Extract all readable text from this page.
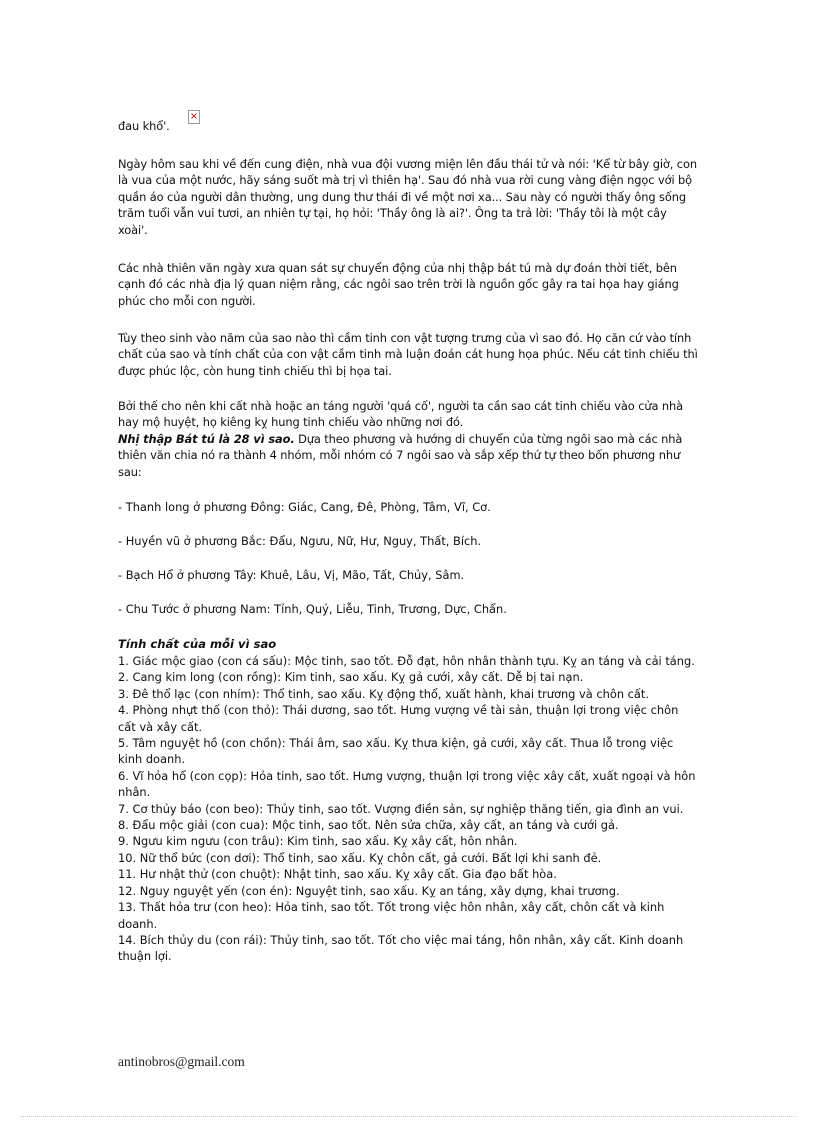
×

đau khổ'.

Ngày hôm sau khi về đến cung điện, nhà vua đội vương miện lên đầu thái tử và nói: 'Kể từ bây giờ, con là vua của một nước, hãy sáng suốt mà trị vì thiên hạ'. Sau đó nhà vua rời cung vàng điện ngọc với bộ quần áo của người dân thường, ung dung thư thái đi về một nơi xa... Sau này có người thấy ông sống trăm tuổi vẫn vui tươi, an nhiên tự tại, họ hỏi: 'Thầy ông là ai?'. Ông ta trả lời: 'Thầy tôi là một cây xoài'.

Các nhà thiên văn ngày xưa quan sát sự chuyển động của nhị thập bát tú mà dự đoán thời tiết, bên cạnh đó các nhà địa lý quan niệm rằng, các ngôi sao trên trời là nguồn gốc gây ra tai họa hay giáng phúc cho mỗi con người.

Tùy theo sinh vào năm của sao nào thì cầm tinh con vật tượng trưng của vì sao đó. Họ căn cứ vào tính chất của sao và tính chất của con vật cầm tinh mà luận đoán cát hung họa phúc. Nếu cát tinh chiếu thì được phúc lộc, còn hung tinh chiếu thì bị họa tai.

Bởi thế cho nên khi cất nhà hoặc an táng người 'quá cố', người ta cần sao cát tinh chiếu vào cửa nhà hay mộ huyệt, họ kiêng kỵ hung tinh chiếu vào những nơi đó.

Nhị thập Bát tú là 28 vì sao. Dựa theo phương và hướng di chuyển của từng ngôi sao mà các nhà thiên văn chia nó ra thành 4 nhóm, mỗi nhóm có 7 ngôi sao và sắp xếp thứ tự theo bốn phương như sau:

- Thanh long ở phương Đông: Giác, Cang, Đê, Phòng, Tâm, Vĩ, Cơ.

- Huyền vũ ở phương Bắc: Đẩu, Ngưu, Nữ, Hư, Nguy, Thất, Bích.

- Bạch Hổ ở phương Tây: Khuê, Lâu, Vị, Mão, Tất, Chủy, Sâm.

- Chu Tước ở phương Nam: Tỉnh, Quỷ, Liễu, Tinh, Trương, Dực, Chẩn.

Tính chất của mỗi vì sao

1. Giác mộc giao (con cá sấu): Mộc tinh, sao tốt. Đỗ đạt, hôn nhân thành tựu. Kỵ an táng và cải táng.

2. Cang kim long (con rồng): Kim tinh, sao xấu. Kỵ gả cưới, xây cất. Dễ bị tai nạn.

3. Đê thổ lạc (con nhím): Thổ tinh, sao xấu. Kỵ động thổ, xuất hành, khai trương và chôn cất.

4. Phòng nhựt thố (con thỏ): Thái dương, sao tốt. Hưng vượng về tài sản, thuận lợi trong việc chôn cất và xây cất.

5. Tâm nguyệt hồ (con chồn): Thái âm, sao xấu. Kỵ thưa kiện, gả cưới, xây cất. Thua lỗ trong việc kinh doanh.

6. Vĩ hỏa hổ (con cọp): Hỏa tinh, sao tốt. Hưng vượng, thuận lợi trong việc xây cất, xuất ngoại và hôn nhân.

7. Cơ thủy báo (con beo): Thủy tinh, sao tốt. Vượng điền sản, sự nghiệp thăng tiến, gia đình an vui.

8. Đẩu mộc giải (con cua): Mộc tinh, sao tốt. Nên sửa chữa, xây cất, an táng và cưới gả.

9. Ngưu kim ngưu (con trâu): Kim tinh, sao xấu. Kỵ xây cất, hôn nhân.

10. Nữ thổ bức (con dơi): Thổ tinh, sao xấu. Kỵ chôn cất, gả cưới. Bất lợi khi sanh đẻ.

11. Hư nhật thử (con chuột): Nhật tinh, sao xấu. Kỵ xây cất. Gia đạo bất hòa.

12. Nguy nguyệt yến (con én): Nguyệt tinh, sao xấu. Kỵ an táng, xây dựng, khai trương.

13. Thất hỏa trư (con heo): Hỏa tinh, sao tốt. Tốt trong việc hôn nhân, xây cất, chôn cất và kinh doanh.

14. Bích thủy du (con rái): Thủy tinh, sao tốt. Tốt cho việc mai táng, hôn nhân, xây cất. Kinh doanh thuận lợi.

antinobros@gmail.com
